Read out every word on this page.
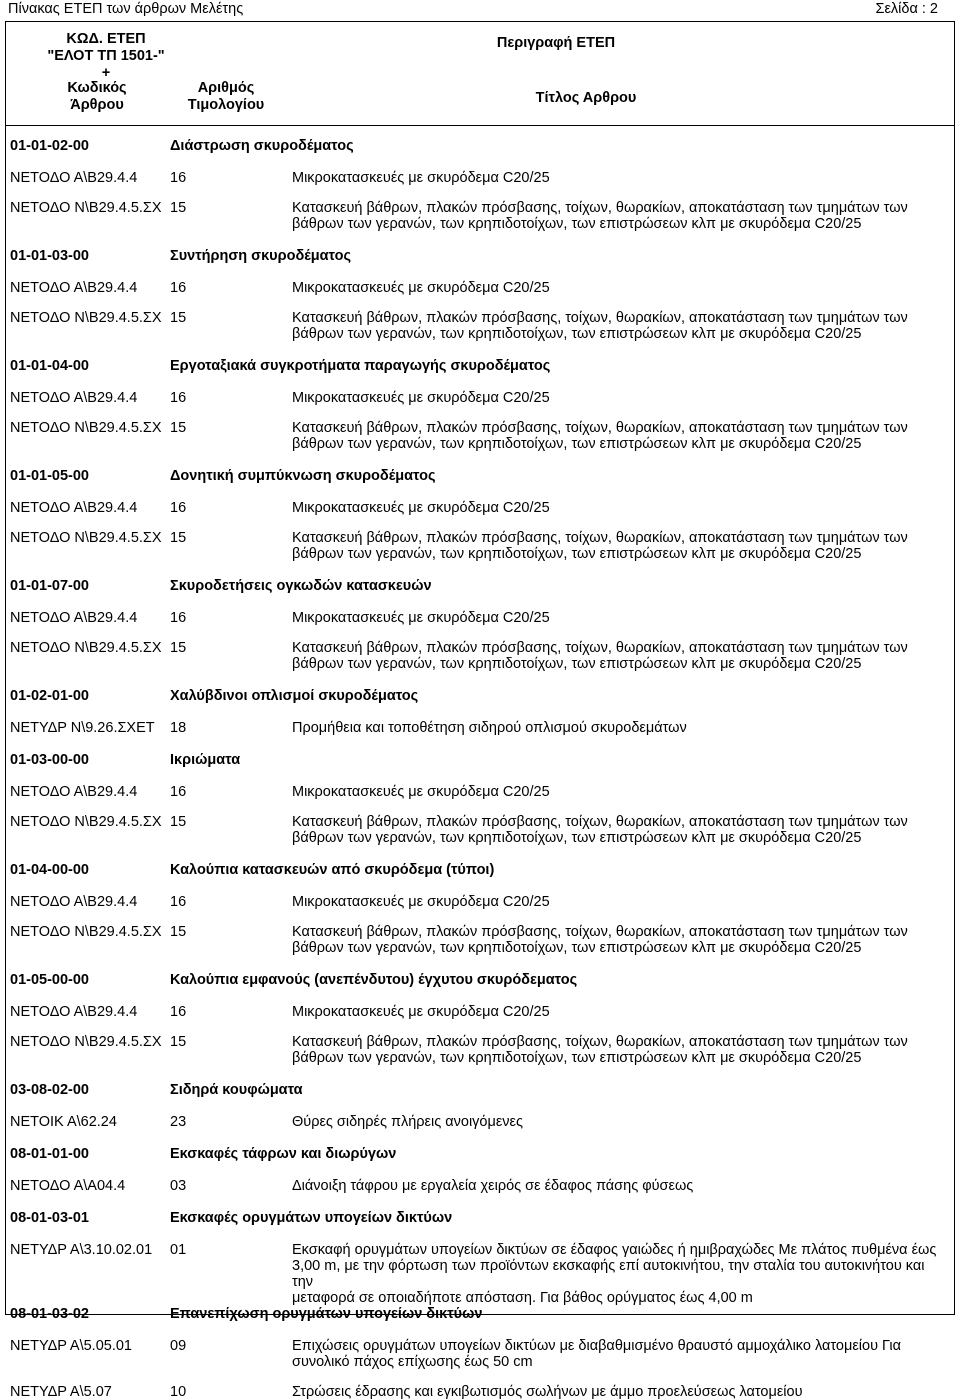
Πίνακας ΕΤΕΠ των άρθρων Μελέτης	Σελίδα : 2
ΚΩΔ. ΕΤΕΠ
"ΕΛΟΤ ΤΠ 1501-" +
Περιγραφή ΕΤΕΠ
Κωδικός
Άρθρου
Αριθμός
Τιμολογίου	Τίτλος Αρθρου
01-01-02-00	Διάστρωση σκυροδέματος
ΝΕΤΟΔΟ Α\Β29.4.4 16	Μικροκατασκευές με σκυρόδεμα C20/25
ΝΕΤΟΔΟ Ν\Β29.4.5.ΣΧ 15	Κατασκευή βάθρων, πλακών πρόσβασης, τοίχων, θωρακίων, αποκατάσταση των τμημάτων των
βάθρων των γερανών, των κρηπιδοτοίχων, των επιστρώσεων κλπ με σκυρόδεμα C20/25
01-01-03-00	Συντήρηση σκυροδέματος
ΝΕΤΟΔΟ Α\Β29.4.4 16	Μικροκατασκευές με σκυρόδεμα C20/25
ΝΕΤΟΔΟ Ν\Β29.4.5.ΣΧ 15	Κατασκευή βάθρων, πλακών πρόσβασης, τοίχων, θωρακίων, αποκατάσταση των τμημάτων των
βάθρων των γερανών, των κρηπιδοτοίχων, των επιστρώσεων κλπ με σκυρόδεμα C20/25
01-01-04-00	Εργοταξιακά συγκροτήματα παραγωγής σκυροδέματος
ΝΕΤΟΔΟ Α\Β29.4.4 16	Μικροκατασκευές με σκυρόδεμα C20/25
ΝΕΤΟΔΟ Ν\Β29.4.5.ΣΧ 15	Κατασκευή βάθρων, πλακών πρόσβασης, τοίχων, θωρακίων, αποκατάσταση των τμημάτων των
βάθρων των γερανών, των κρηπιδοτοίχων, των επιστρώσεων κλπ με σκυρόδεμα C20/25
01-01-05-00	Δονητική συμπύκνωση σκυροδέματος
ΝΕΤΟΔΟ Α\Β29.4.4 16	Μικροκατασκευές με σκυρόδεμα C20/25
ΝΕΤΟΔΟ Ν\Β29.4.5.ΣΧ 15	Κατασκευή βάθρων, πλακών πρόσβασης, τοίχων, θωρακίων, αποκατάσταση των τμημάτων των
βάθρων των γερανών, των κρηπιδοτοίχων, των επιστρώσεων κλπ με σκυρόδεμα C20/25
01-01-07-00	Σκυροδετήσεις ογκωδών κατασκευών
ΝΕΤΟΔΟ Α\Β29.4.4 16	Μικροκατασκευές με σκυρόδεμα C20/25
ΝΕΤΟΔΟ Ν\Β29.4.5.ΣΧ 15	Κατασκευή βάθρων, πλακών πρόσβασης, τοίχων, θωρακίων, αποκατάσταση των τμημάτων των
βάθρων των γερανών, των κρηπιδοτοίχων, των επιστρώσεων κλπ με σκυρόδεμα C20/25
01-02-01-00	Χαλύβδινοι οπλισμοί σκυροδέματος
ΝΕΤΥΔΡ Ν\9.26.ΣΧΕΤ 18	Προμήθεια και τοποθέτηση σιδηρού οπλισμού σκυροδεμάτων
01-03-00-00	Ικριώματα
ΝΕΤΟΔΟ Α\Β29.4.4 16	Μικροκατασκευές με σκυρόδεμα C20/25
ΝΕΤΟΔΟ Ν\Β29.4.5.ΣΧ 15	Κατασκευή βάθρων, πλακών πρόσβασης, τοίχων, θωρακίων, αποκατάσταση των τμημάτων των
βάθρων των γερανών, των κρηπιδοτοίχων, των επιστρώσεων κλπ με σκυρόδεμα C20/25
01-04-00-00	Καλούπια κατασκευών από σκυρόδεμα (τύποι)
ΝΕΤΟΔΟ Α\Β29.4.4 16	Μικροκατασκευές με σκυρόδεμα C20/25
ΝΕΤΟΔΟ Ν\Β29.4.5.ΣΧ 15	Κατασκευή βάθρων, πλακών πρόσβασης, τοίχων, θωρακίων, αποκατάσταση των τμημάτων των
βάθρων των γερανών, των κρηπιδοτοίχων, των επιστρώσεων κλπ με σκυρόδεμα C20/25
01-05-00-00	Καλούπια εμφανούς (ανεπένδυτου) έγχυτου σκυρόδεματος
ΝΕΤΟΔΟ Α\Β29.4.4 16	Μικροκατασκευές με σκυρόδεμα C20/25
ΝΕΤΟΔΟ Ν\Β29.4.5.ΣΧ 15	Κατασκευή βάθρων, πλακών πρόσβασης, τοίχων, θωρακίων, αποκατάσταση των τμημάτων των
βάθρων των γερανών, των κρηπιδοτοίχων, των επιστρώσεων κλπ με σκυρόδεμα C20/25
03-08-02-00	Σιδηρά κουφώματα
ΝΕΤΟΙΚ Α\62.24	23	Θύρες σιδηρές πλήρεις ανοιγόμενες
08-01-01-00	Εκσκαφές τάφρων και διωρύγων
ΝΕΤΟΔΟ Α\Α04.4	03	Διάνοιξη τάφρου με εργαλεία χειρός σε έδαφος πάσης φύσεως
08-01-03-01	Εκσκαφές ορυγμάτων υπογείων δικτύων
ΝΕΤΥΔΡ Α\3.10.02.01 01	Εκσκαφή ορυγμάτων υπογείων δικτύων σε έδαφος γαιώδες ή ημιβραχώδες Με πλάτος πυθμένα έως
3,00 m, με την φόρτωση των προϊόντων εκσκαφής επί αυτοκινήτου, την σταλία του αυτοκινήτου και την
μεταφορά σε οποιαδήποτε απόσταση. Για βάθος ορύγματος έως 4,00 m
08-01-03-02	Επανεπίχωση ορυγμάτων υπογείων δικτύων
ΝΕΤΥΔΡ Α\5.05.01	09	Επιχώσεις ορυγμάτων υπογείων δικτύων με διαβαθμισμένο θραυστό αμμοχάλικο λατομείου Για
συνολικό πάχος επίχωσης έως 50 cm
ΝΕΤΥΔΡ Α\5.07	10	Στρώσεις έδρασης και εγκιβωτισμός σωλήνων με άμμο προελεύσεως λατομείου
